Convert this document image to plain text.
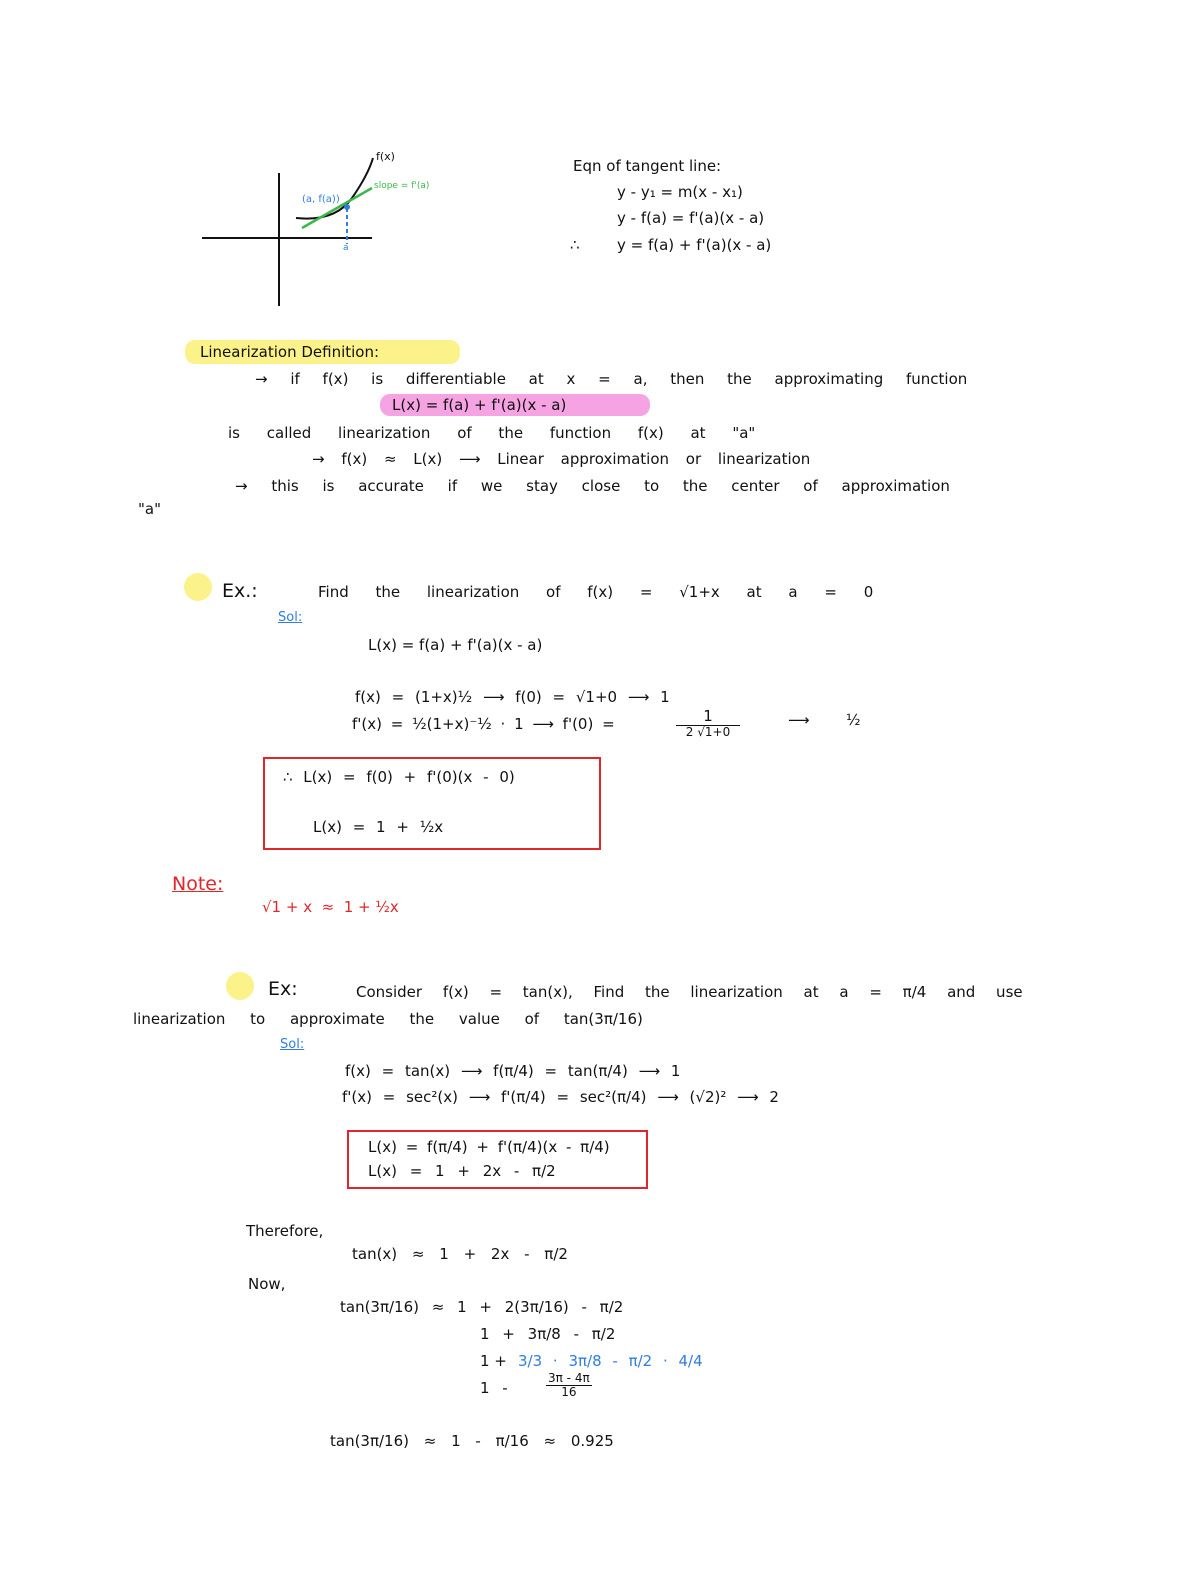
f(x)
(a, f(a))
slope = f'(a)
a
Eqn of tangent line:
y - y₁ = m(x - x₁)
y - f(a) = f'(a)(x - a)
∴ y = f(a) + f'(a)(x - a)
Linearization Definition:
→ if f(x) is differentiable at x = a, then the approximating function
L(x) = f(a) + f'(a)(x - a)
is called linearization of the function f(x) at "a"
→ f(x) ≈ L(x) ⟶ Linear approximation or linearization
→ this is accurate if we stay close to the center of approximation
"a"
Ex.:	Find the linearization of f(x) = √1+x at a = 0
Sol:
L(x) = f(a) + f'(a)(x - a)
f(x) = (1+x)½ ⟶ f(0) = √1+0 ⟶ 1
f'(x) = ½(1+x)⁻½ · 1 ⟶ f'(0) =	$\frac{1}{2 √1+0}$	⟶ ½
∴ L(x) = f(0) + f'(0)(x - 0)
L(x) = 1 + ½x
Note:
√1 + x  ≈  1 + ½x
Ex:	Consider f(x) = tan(x), Find the linearization at a = π/4 and use
linearization to approximate the value of tan(3π/16)
Sol:
f(x) = tan(x) ⟶ f(π/4) = tan(π/4) ⟶ 1
f'(x) = sec²(x) ⟶ f'(π/4) = sec²(π/4) ⟶ (√2)² ⟶ 2
L(x) = f(π/4) + f'(π/4)(x - π/4)
L(x) = 1 + 2x - π/2
Therefore,
tan(x) ≈ 1 + 2x - π/2
Now,
tan(3π/16) ≈ 1 + 2(3π/16) - π/2
1 + 3π/8 - π/2
1 + 3/3 · 3π/8 - π/2 · 4/4
1 -	$\frac{3\pi - 4\pi}{16}$
tan(3π/16) ≈ 1 - π/16 ≈ 0.925
